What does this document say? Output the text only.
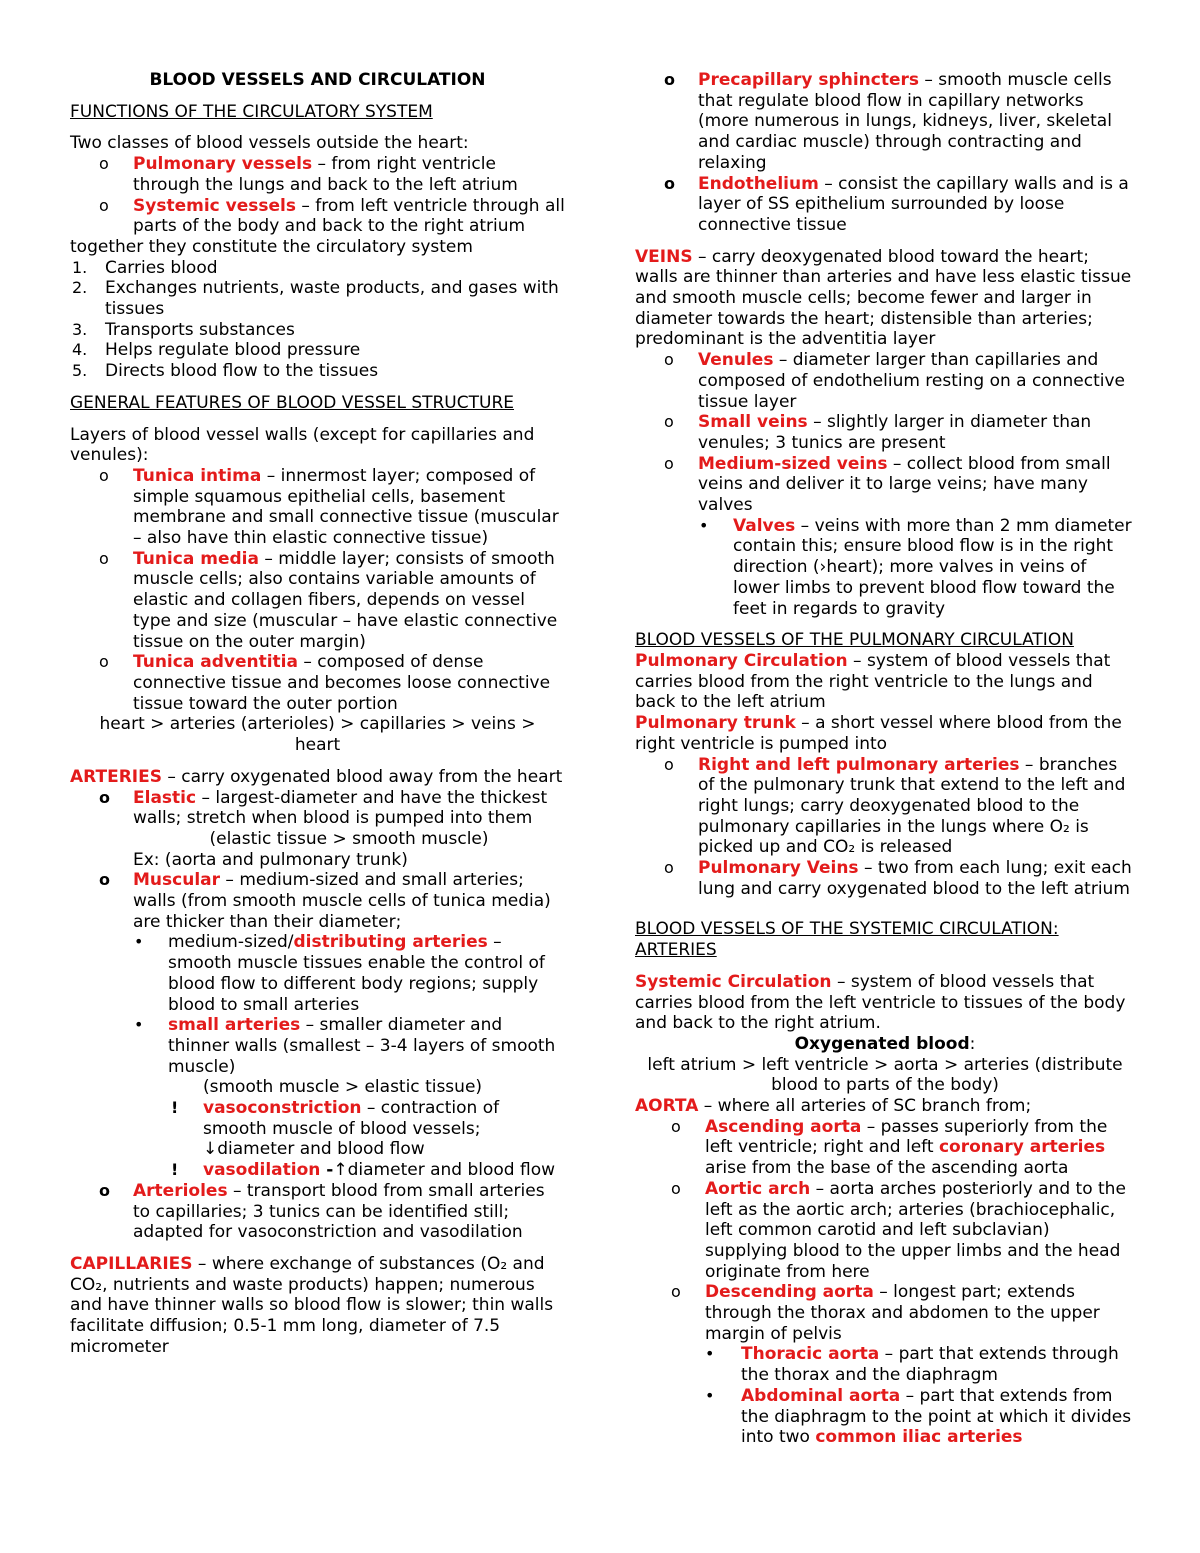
BLOOD VESSELS AND CIRCULATION

FUNCTIONS OF THE CIRCULATORY SYSTEM

Two classes of blood vessels outside the heart:

o Pulmonary vessels – from right ventricle through the lungs and back to the left atrium
o Systemic vessels – from left ventricle through all parts of the body and back to the right atrium

together they constitute the circulatory system

1. Carries blood
2. Exchanges nutrients, waste products, and gases with tissues
3. Transports substances
4. Helps regulate blood pressure
5. Directs blood flow to the tissues

GENERAL FEATURES OF BLOOD VESSEL STRUCTURE

Layers of blood vessel walls (except for capillaries and venules):

o Tunica intima – innermost layer; composed of simple squamous epithelial cells, basement membrane and small connective tissue (muscular – also have thin elastic connective tissue)
o Tunica media – middle layer; consists of smooth muscle cells; also contains variable amounts of elastic and collagen fibers, depends on vessel type and size (muscular – have elastic connective tissue on the outer margin)
o Tunica adventitia – composed of dense connective tissue and becomes loose connective tissue toward the outer portion

heart > arteries (arterioles) > capillaries > veins > heart

ARTERIES – carry oxygenated blood away from the heart

o Elastic – largest-diameter and have the thickest walls; stretch when blood is pumped into them
(elastic tissue > smooth muscle)
Ex: (aorta and pulmonary trunk)
o Muscular – medium-sized and small arteries; walls (from smooth muscle cells of tunica media) are thicker than their diameter;
• medium-sized/distributing arteries – smooth muscle tissues enable the control of blood flow to different body regions; supply blood to small arteries
• small arteries – smaller diameter and thinner walls (smallest – 3-4 layers of smooth muscle)
(smooth muscle > elastic tissue)
! vasoconstriction – contraction of smooth muscle of blood vessels; ↓diameter and blood flow
! vasodilation -↑diameter and blood flow
o Arterioles – transport blood from small arteries to capillaries; 3 tunics can be identified still; adapted for vasoconstriction and vasodilation

CAPILLARIES – where exchange of substances (O₂ and CO₂, nutrients and waste products) happen; numerous and have thinner walls so blood flow is slower; thin walls facilitate diffusion; 0.5-1 mm long, diameter of 7.5 micrometer

o Precapillary sphincters – smooth muscle cells that regulate blood flow in capillary networks (more numerous in lungs, kidneys, liver, skeletal and cardiac muscle) through contracting and relaxing
o Endothelium – consist the capillary walls and is a layer of SS epithelium surrounded by loose connective tissue

VEINS – carry deoxygenated blood toward the heart; walls are thinner than arteries and have less elastic tissue and smooth muscle cells; become fewer and larger in diameter towards the heart; distensible than arteries; predominant is the adventitia layer

o Venules – diameter larger than capillaries and composed of endothelium resting on a connective tissue layer
o Small veins – slightly larger in diameter than venules; 3 tunics are present
o Medium-sized veins – collect blood from small veins and deliver it to large veins; have many valves
• Valves – veins with more than 2 mm diameter contain this; ensure blood flow is in the right direction (›heart); more valves in veins of lower limbs to prevent blood flow toward the feet in regards to gravity

BLOOD VESSELS OF THE PULMONARY CIRCULATION

Pulmonary Circulation – system of blood vessels that carries blood from the right ventricle to the lungs and back to the left atrium

Pulmonary trunk – a short vessel where blood from the right ventricle is pumped into

o Right and left pulmonary arteries – branches of the pulmonary trunk that extend to the left and right lungs; carry deoxygenated blood to the pulmonary capillaries in the lungs where O₂ is picked up and CO₂ is released
o Pulmonary Veins – two from each lung; exit each lung and carry oxygenated blood to the left atrium

BLOOD VESSELS OF THE SYSTEMIC CIRCULATION: ARTERIES

Systemic Circulation – system of blood vessels that carries blood from the left ventricle to tissues of the body and back to the right atrium.

Oxygenated blood:

left atrium > left ventricle > aorta > arteries (distribute blood to parts of the body)

AORTA – where all arteries of SC branch from;

o Ascending aorta – passes superiorly from the left ventricle; right and left coronary arteries arise from the base of the ascending aorta
o Aortic arch – aorta arches posteriorly and to the left as the aortic arch; arteries (brachiocephalic, left common carotid and left subclavian) supplying blood to the upper limbs and the head originate from here
o Descending aorta – longest part; extends through the thorax and abdomen to the upper margin of pelvis
• Thoracic aorta – part that extends through the thorax and the diaphragm
• Abdominal aorta – part that extends from the diaphragm to the point at which it divides into two common iliac arteries
